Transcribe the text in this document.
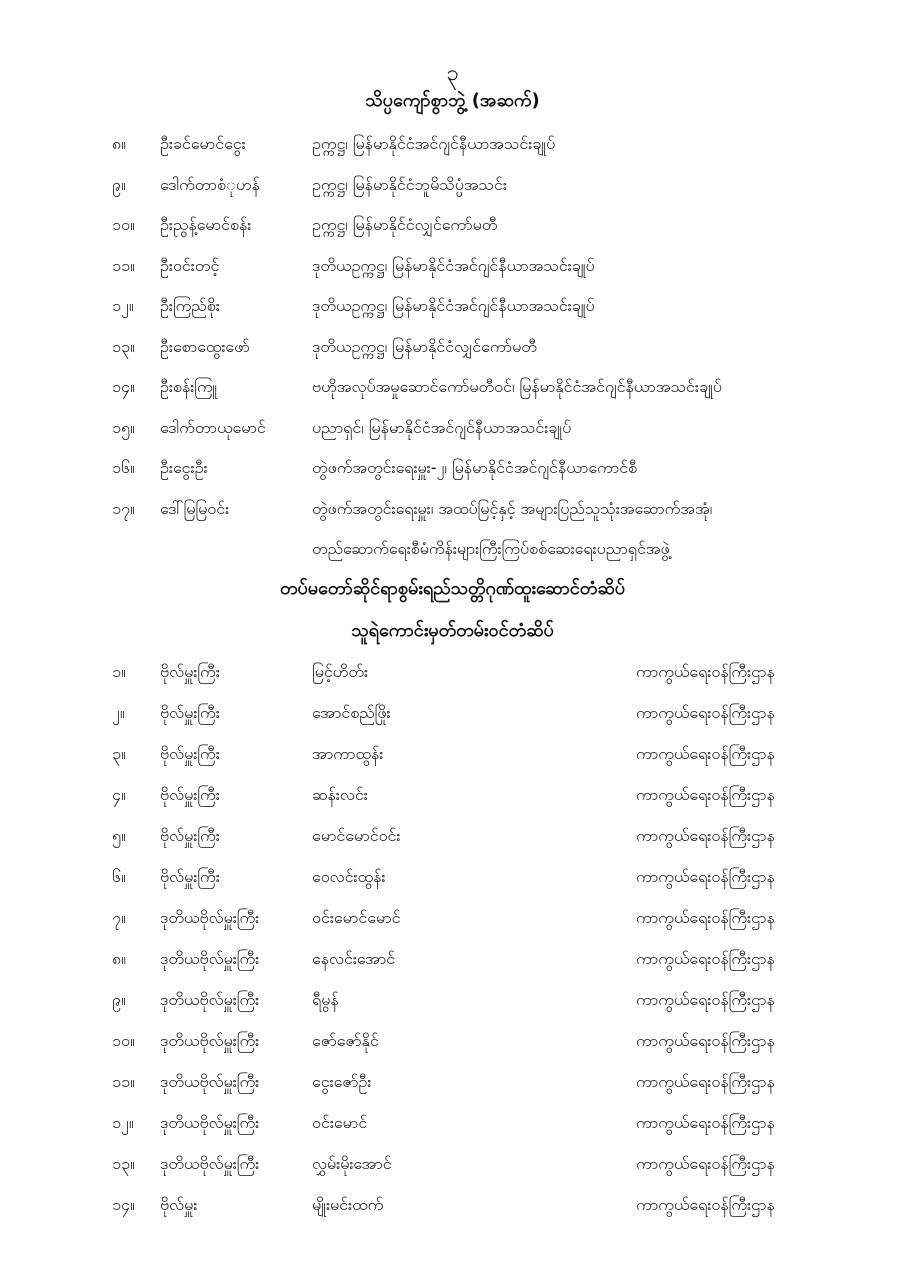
၃
သိပ္ပကျော်စွာဘွဲ့ (အဆက်)
၈။ ဦးခင်မောင်ငွေး	ဥက္ကဋ္ဌ၊ မြန်မာနိုင်ငံအင်ဂျင်နီယာအသင်းချုပ်
၉။ ဒေါက်တာစံုဟန်	ဥက္ကဋ္ဌ၊ မြန်မာနိုင်ငံဘူမိသိပ္ပံအသင်း
၁၀။ ဦးညွန့်မောင်စန်း	ဥက္ကဋ္ဌ၊ မြန်မာနိုင်ငံလျှင်ကော်မတီ
၁၁။ ဦးဝင်းတင့်	ဒုတိယဥက္ကဋ္ဌ၊ မြန်မာနိုင်ငံအင်ဂျင်နီယာအသင်းချုပ်
၁၂။ ဦးကြည်စိုး	ဒုတိယဥက္ကဋ္ဌ၊ မြန်မာနိုင်ငံအင်ဂျင်နီယာအသင်းချုပ်
၁၃။ ဦးစောထွေးဖော်	ဒုတိယဥက္ကဋ္ဌ၊ မြန်မာနိုင်ငံလျှင်ကော်မတီ
၁၄။ ဦးစန်းကြူ	ဗဟိုအလုပ်အမှုဆောင်ကော်မတီဝင်၊ မြန်မာနိုင်ငံအင်ဂျင်နီယာအသင်းချုပ်
၁၅။ ဒေါက်တာယုမောင်	ပညာရှင်၊ မြန်မာနိုင်ငံအင်ဂျင်နီယာအသင်းချုပ်
၁၆။ ဦးငွေးဦး	တွဲဖက်အတွင်းရေးမှူး-၂၊ မြန်မာနိုင်ငံအင်ဂျင်နီယာကောင်စီ
၁၇။ ဒေါ်မြမြဝင်း	တွဲဖက်အတွင်းရေးမှူး၊ အထပ်မြင့်နှင့် အများပြည်သူသုံးအဆောက်အအုံ၊
တည်ဆောက်ရေးစီမံကိန်းများကြီးကြပ်စစ်ဆေးရေးပညာရှင်အဖွဲ့
တပ်မတော်ဆိုင်ရာစွမ်းရည်သတ္တိဂုဏ်ထူးဆောင်တံဆိပ်
သူရဲကောင်းမှတ်တမ်းဝင်တံဆိပ်
၁။ ဗိုလ်မှူးကြီး	မြင့်ဟိတ်း	ကာကွယ်ရေးဝန်ကြီးဌာန
၂။ ဗိုလ်မှူးကြီး	အောင်စည်ဖြိုး	ကာကွယ်ရေးဝန်ကြီးဌာန
၃။ ဗိုလ်မှူးကြီး	အာကာထွန်း	ကာကွယ်ရေးဝန်ကြီးဌာန
၄။ ဗိုလ်မှူးကြီး	ဆန်းလင်း	ကာကွယ်ရေးဝန်ကြီးဌာန
၅။ ဗိုလ်မှူးကြီး	မောင်မောင်ဝင်း	ကာကွယ်ရေးဝန်ကြီးဌာန
၆။ ဗိုလ်မှူးကြီး	ဝေလင်းထွန်း	ကာကွယ်ရေးဝန်ကြီးဌာန
၇။ ဒုတိယဗိုလ်မှူးကြီး	ဝင်းမောင်မောင်	ကာကွယ်ရေးဝန်ကြီးဌာန
၈။ ဒုတိယဗိုလ်မှူးကြီး	နေလင်းအောင်	ကာကွယ်ရေးဝန်ကြီးဌာန
၉။ ဒုတိယဗိုလ်မှူးကြီး	ရီမွန်	ကာကွယ်ရေးဝန်ကြီးဌာန
၁၀။ ဒုတိယဗိုလ်မှူးကြီး	ဇော်ဇော်နိုင်	ကာကွယ်ရေးဝန်ကြီးဌာန
၁၁။ ဒုတိယဗိုလ်မှူးကြီး	ငွေးဇော်ဦး	ကာကွယ်ရေးဝန်ကြီးဌာန
၁၂။ ဒုတိယဗိုလ်မှူးကြီး	ဝင်းမောင်	ကာကွယ်ရေးဝန်ကြီးဌာန
၁၃။ ဒုတိယဗိုလ်မှူးကြီး	လွှမ်းမိုးအောင်	ကာကွယ်ရေးဝန်ကြီးဌာန
၁၄။ ဗိုလ်မှူး	မျိုးမင်းထက်	ကာကွယ်ရေးဝန်ကြီးဌာန
